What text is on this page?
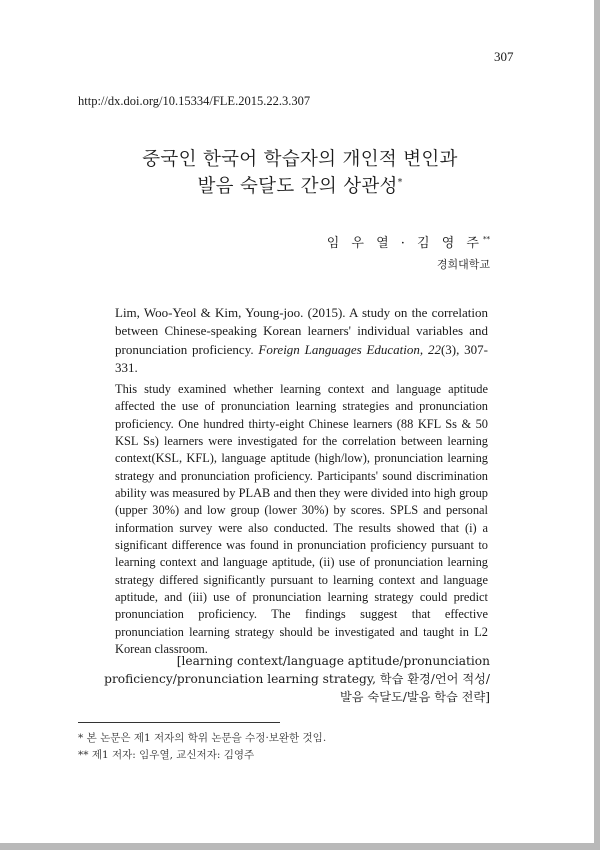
307
http://dx.doi.org/10.15334/FLE.2015.22.3.307
중국인 한국어 학습자의 개인적 변인과
발음 숙달도 간의 상관성*
임 우 열 · 김 영 주**
경희대학교
Lim, Woo-Yeol & Kim, Young-joo. (2015). A study on the correlation between Chinese-speaking Korean learners' individual variables and pronunciation proficiency. Foreign Languages Education, 22(3), 307-331.
This study examined whether learning context and language aptitude affected the use of pronunciation learning strategies and pronunciation proficiency. One hundred thirty-eight Chinese learners (88 KFL Ss & 50 KSL Ss) learners were investigated for the correlation between learning context(KSL, KFL), language aptitude (high/low), pronunciation learning strategy and pronunciation proficiency. Participants' sound discrimination ability was measured by PLAB and then they were divided into high group (upper 30%) and low group (lower 30%) by scores. SPLS and personal information survey were also conducted. The results showed that (i) a significant difference was found in pronunciation proficiency pursuant to learning context and language aptitude, (ii) use of pronunciation learning strategy differed significantly pursuant to learning context and language aptitude, and (iii) use of pronunciation learning strategy could predict pronunciation proficiency. The findings suggest that effective pronunciation learning strategy should be investigated and taught in L2 Korean classroom.
[learning context/language aptitude/pronunciation
proficiency/pronunciation learning strategy, 학습 환경/언어 적성/
발음 숙달도/발음 학습 전략]
* 본 논문은 제1 저자의 학위 논문을 수정·보완한 것임.
** 제1 저자: 임우열, 교신저자: 김영주
